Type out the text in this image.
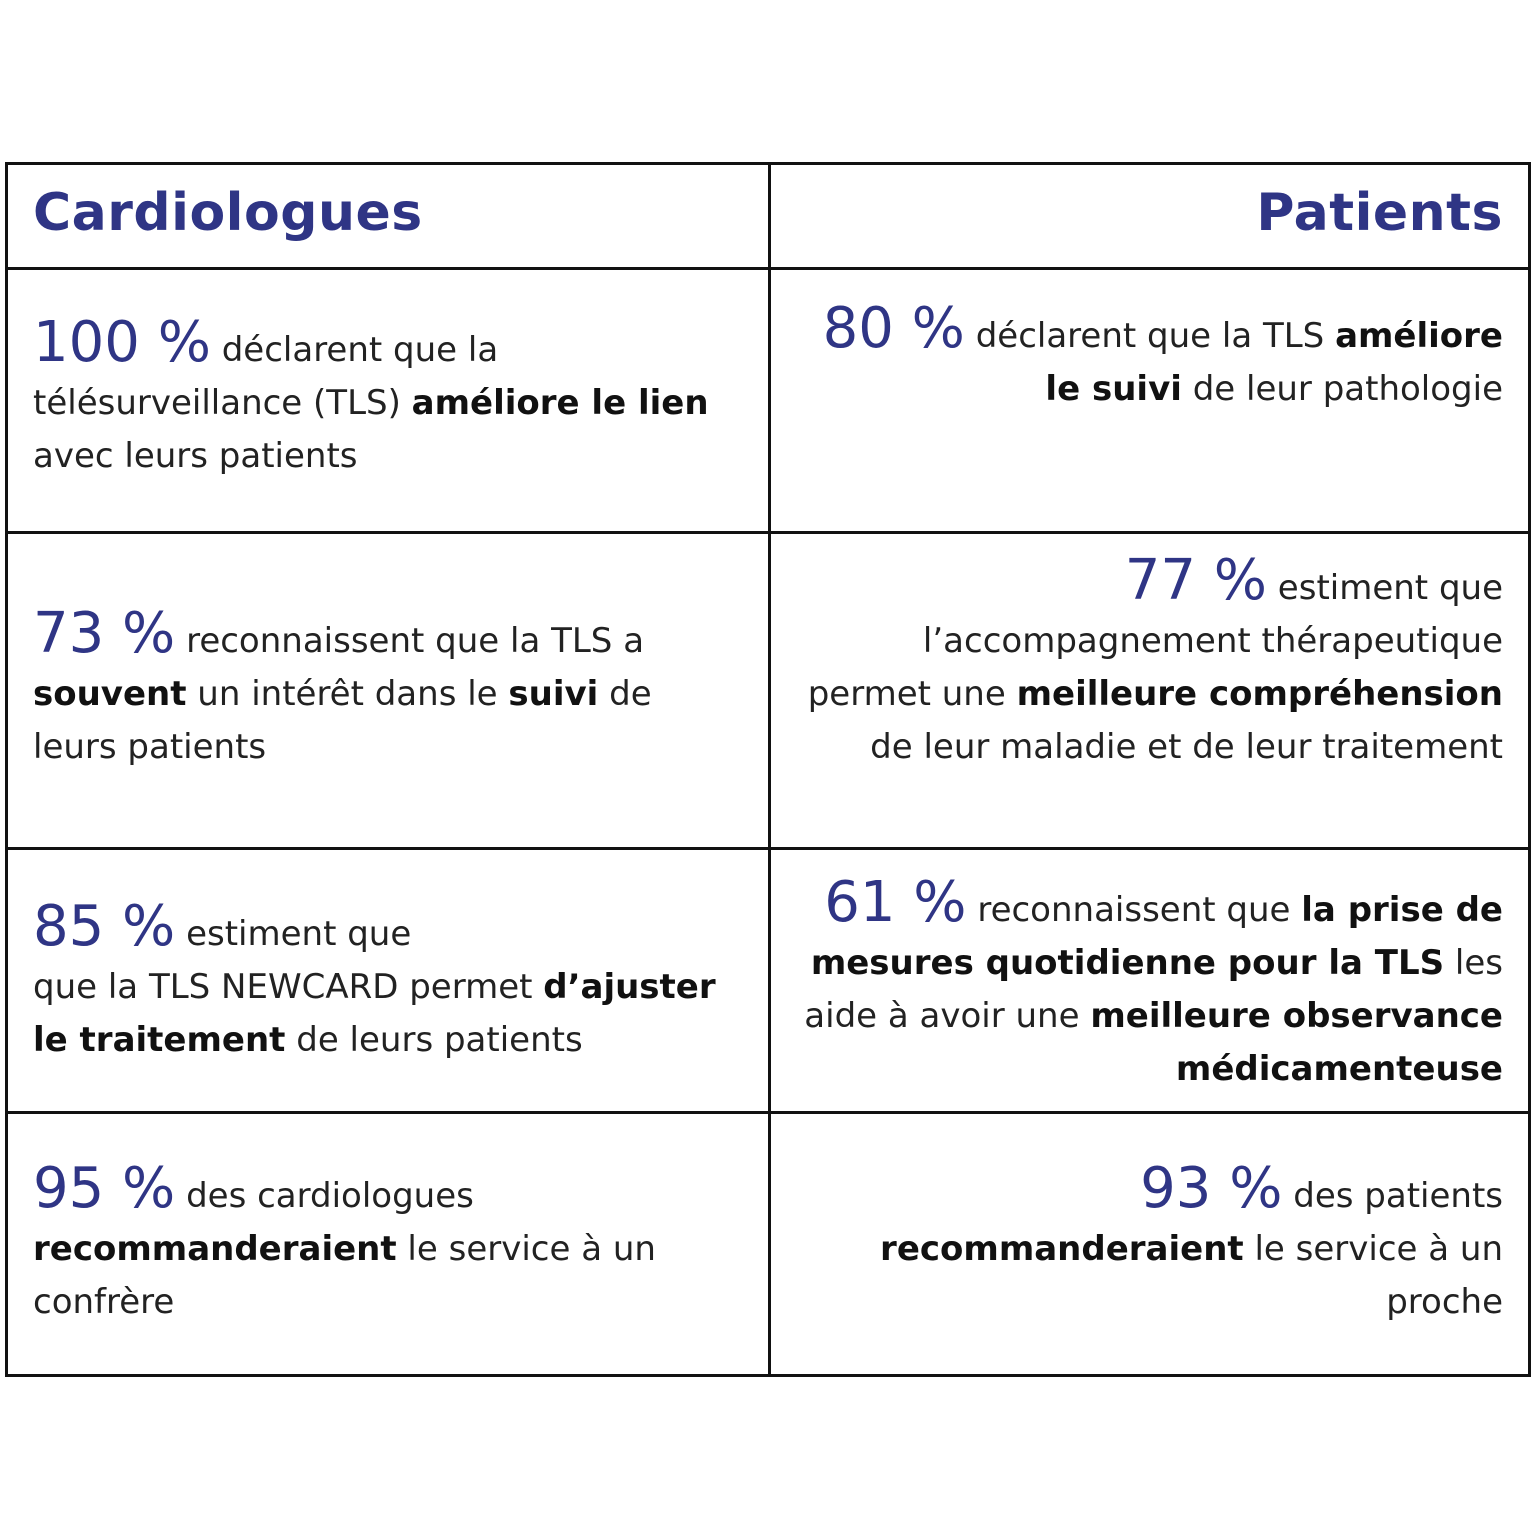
Cardiologues	Patients
100 % déclarent que la
télésurveillance (TLS) améliore le lien
avec leurs patients
80 % déclarent que la TLS améliore
le suivi de leur pathologie
73 % reconnaissent que la TLS a
souvent un intérêt dans le suivi de
leurs patients
77 % estiment que
l’accompagnement thérapeutique
permet une meilleure compréhension
de leur maladie et de leur traitement
85 % estiment que
que la TLS NEWCARD permet d’ajuster
le traitement de leurs patients
61 % reconnaissent que la prise de
mesures quotidienne pour la TLS les
aide à avoir une meilleure observance
médicamenteuse
95 % des cardiologues
recommanderaient le service à un
confrère
93 % des patients
recommanderaient le service à un
proche
